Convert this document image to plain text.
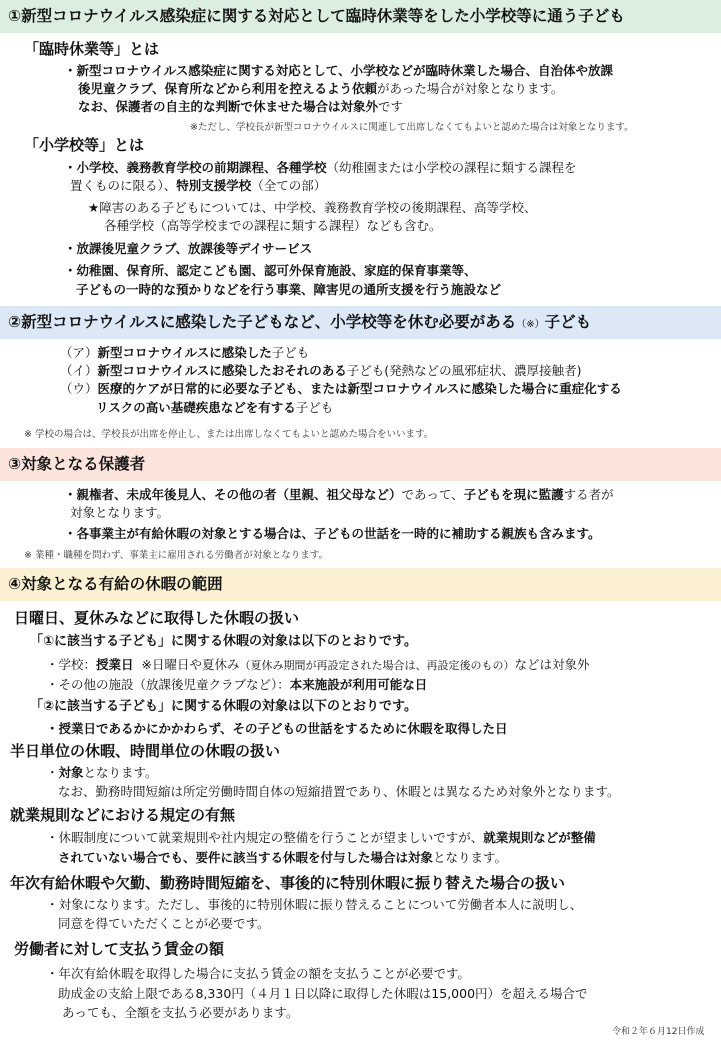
①新型コロナウイルス感染症に関する対応として臨時休業等をした小学校等に通う子ども
「臨時休業等」とは
・新型コロナウイルス感染症に関する対応として、小学校などが臨時休業した場合、自治体や放課
後児童クラブ、保育所などから利用を控えるよう依頼があった場合が対象となります。
なお、保護者の自主的な判断で休ませた場合は対象外です
※ただし、学校長が新型コロナウイルスに関連して出席しなくてもよいと認めた場合は対象となります。
「小学校等」とは
・小学校、義務教育学校の前期課程、各種学校（幼稚園または小学校の課程に類する課程を
置くものに限る）、特別支援学校（全ての部）
★障害のある子どもについては、中学校、義務教育学校の後期課程、高等学校、
各種学校（高等学校までの課程に類する課程）なども含む。
・放課後児童クラブ、放課後等デイサービス
・幼稚園、保育所、認定こども園、認可外保育施設、家庭的保育事業等、
子どもの一時的な預かりなどを行う事業、障害児の通所支援を行う施設など
②新型コロナウイルスに感染した子どもなど、小学校等を休む必要がある（※）子ども
（ア）新型コロナウイルスに感染した子ども
（イ）新型コロナウイルスに感染したおそれのある子ども(発熱などの風邪症状、濃厚接触者)
（ウ）医療的ケアが日常的に必要な子ども、または新型コロナウイルスに感染した場合に重症化する
リスクの高い基礎疾患などを有する子ども
※ 学校の場合は、学校長が出席を停止し、または出席しなくてもよいと認めた場合をいいます。
③対象となる保護者
・親権者、未成年後見人、その他の者（里親、祖父母など）であって、子どもを現に監護する者が
対象となります。
・各事業主が有給休暇の対象とする場合は、子どもの世話を一時的に補助する親族も含みます。
※ 業種・職種を問わず、事業主に雇用される労働者が対象となります。
④対象となる有給の休暇の範囲
日曜日、夏休みなどに取得した休暇の扱い
「①に該当する子ども」に関する休暇の対象は以下のとおりです。
・学校：授業日 ※日曜日や夏休み（夏休み期間が再設定された場合は、再設定後のもの）などは対象外
・その他の施設（放課後児童クラブなど）：本来施設が利用可能な日
「②に該当する子ども」に関する休暇の対象は以下のとおりです。
・授業日であるかにかかわらず、その子どもの世話をするために休暇を取得した日
半日単位の休暇、時間単位の休暇の扱い
・対象となります。
なお、勤務時間短縮は所定労働時間自体の短縮措置であり、休暇とは異なるため対象外となります。
就業規則などにおける規定の有無
・休暇制度について就業規則や社内規定の整備を行うことが望ましいですが、就業規則などが整備
されていない場合でも、要件に該当する休暇を付与した場合は対象となります。
年次有給休暇や欠勤、勤務時間短縮を、事後的に特別休暇に振り替えた場合の扱い
・対象になります。ただし、事後的に特別休暇に振り替えることについて労働者本人に説明し、
同意を得ていただくことが必要です。
労働者に対して支払う賃金の額
・年次有給休暇を取得した場合に支払う賃金の額を支払うことが必要です。
助成金の支給上限である8,330円（４月１日以降に取得した休暇は15,000円）を超える場合で
あっても、全額を支払う必要があります。
令和２年６月12日作成
